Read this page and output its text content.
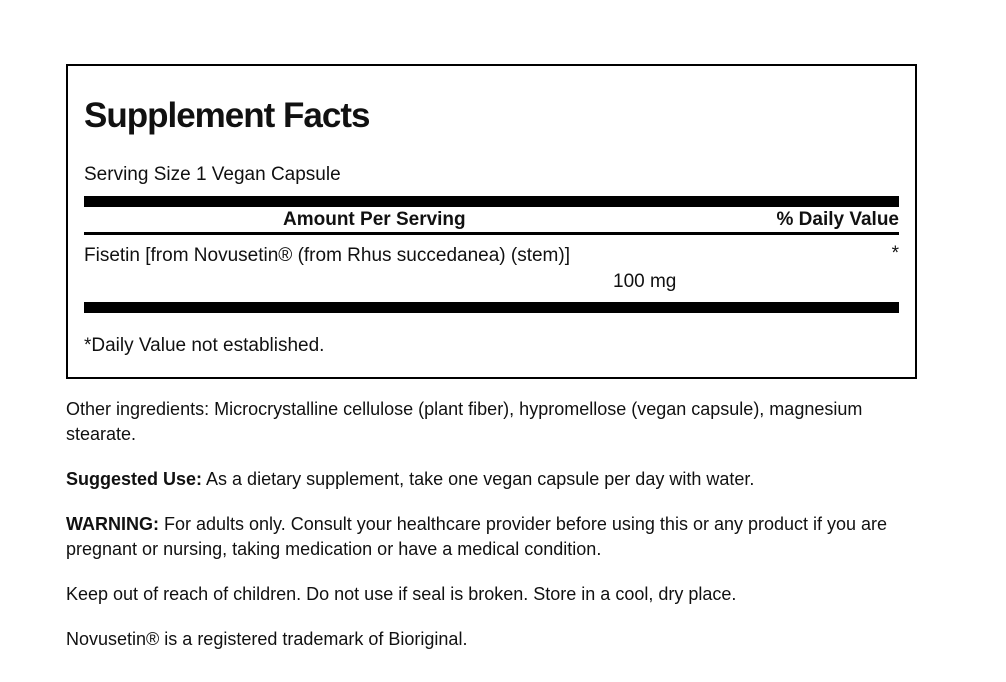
Supplement Facts
Serving Size 1 Vegan Capsule
Amount Per Serving	% Daily Value
Fisetin [from Novusetin® (from Rhus succedanea) (stem)]	*
100 mg
*Daily Value not established.

Other ingredients: Microcrystalline cellulose (plant fiber), hypromellose (vegan capsule), magnesium stearate.

Suggested Use: As a dietary supplement, take one vegan capsule per day with water.

WARNING: For adults only. Consult your healthcare provider before using this or any product if you are pregnant or nursing, taking medication or have a medical condition.

Keep out of reach of children. Do not use if seal is broken. Store in a cool, dry place.

Novusetin® is a registered trademark of Bioriginal.
